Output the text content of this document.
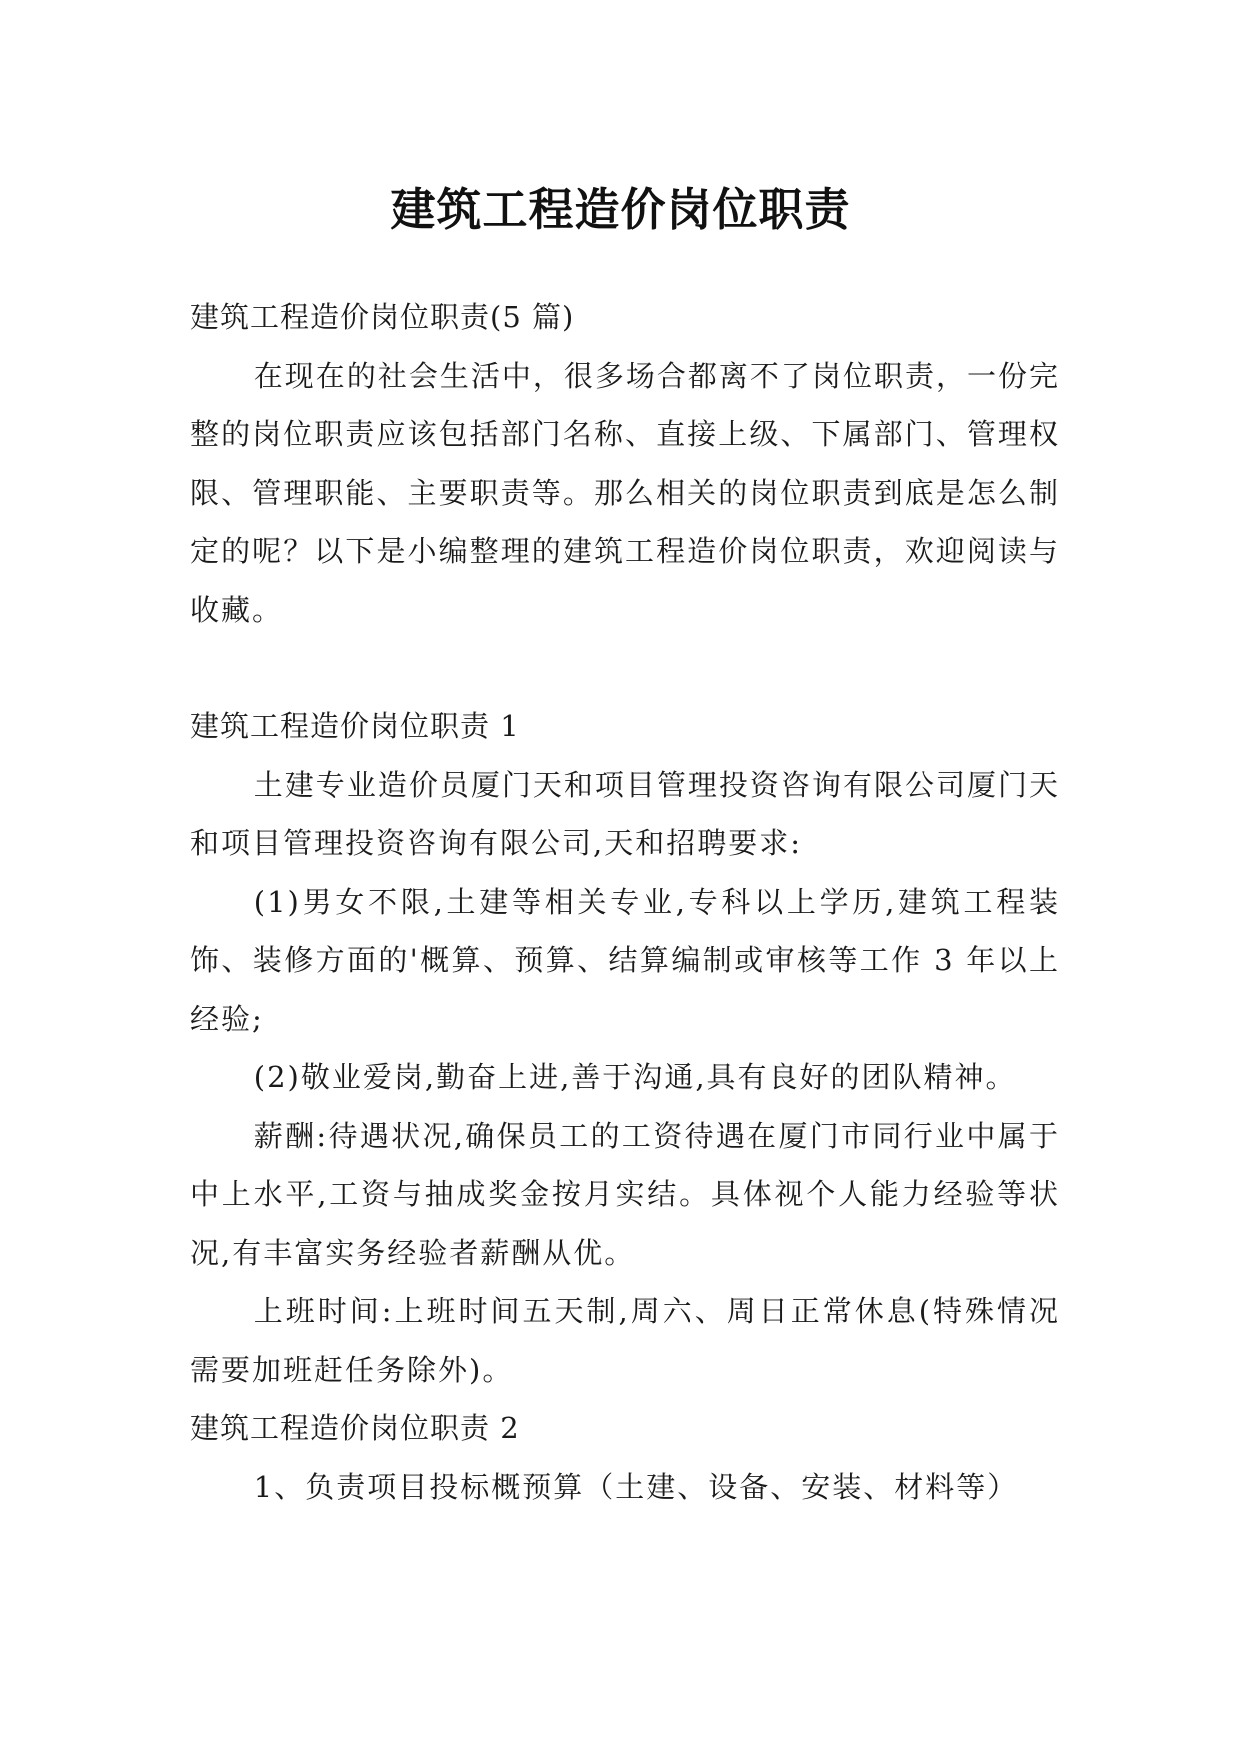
建筑工程造价岗位职责

建筑工程造价岗位职责(5 篇)

在现在的社会生活中，很多场合都离不了岗位职责，一份完整的岗位职责应该包括部门名称、直接上级、下属部门、管理权限、管理职能、主要职责等。那么相关的岗位职责到底是怎么制定的呢？以下是小编整理的建筑工程造价岗位职责，欢迎阅读与收藏。

建筑工程造价岗位职责 1

土建专业造价员厦门天和项目管理投资咨询有限公司厦门天和项目管理投资咨询有限公司,天和招聘要求:

(1)男女不限,土建等相关专业,专科以上学历,建筑工程装饰、装修方面的'概算、预算、结算编制或审核等工作 3 年以上经验;

(2)敬业爱岗,勤奋上进,善于沟通,具有良好的团队精神。

薪酬:待遇状况,确保员工的工资待遇在厦门市同行业中属于中上水平,工资与抽成奖金按月实结。具体视个人能力经验等状况,有丰富实务经验者薪酬从优。

上班时间:上班时间五天制,周六、周日正常休息(特殊情况需要加班赶任务除外)。

建筑工程造价岗位职责 2

1、负责项目投标概预算（土建、设备、安装、材料等）
